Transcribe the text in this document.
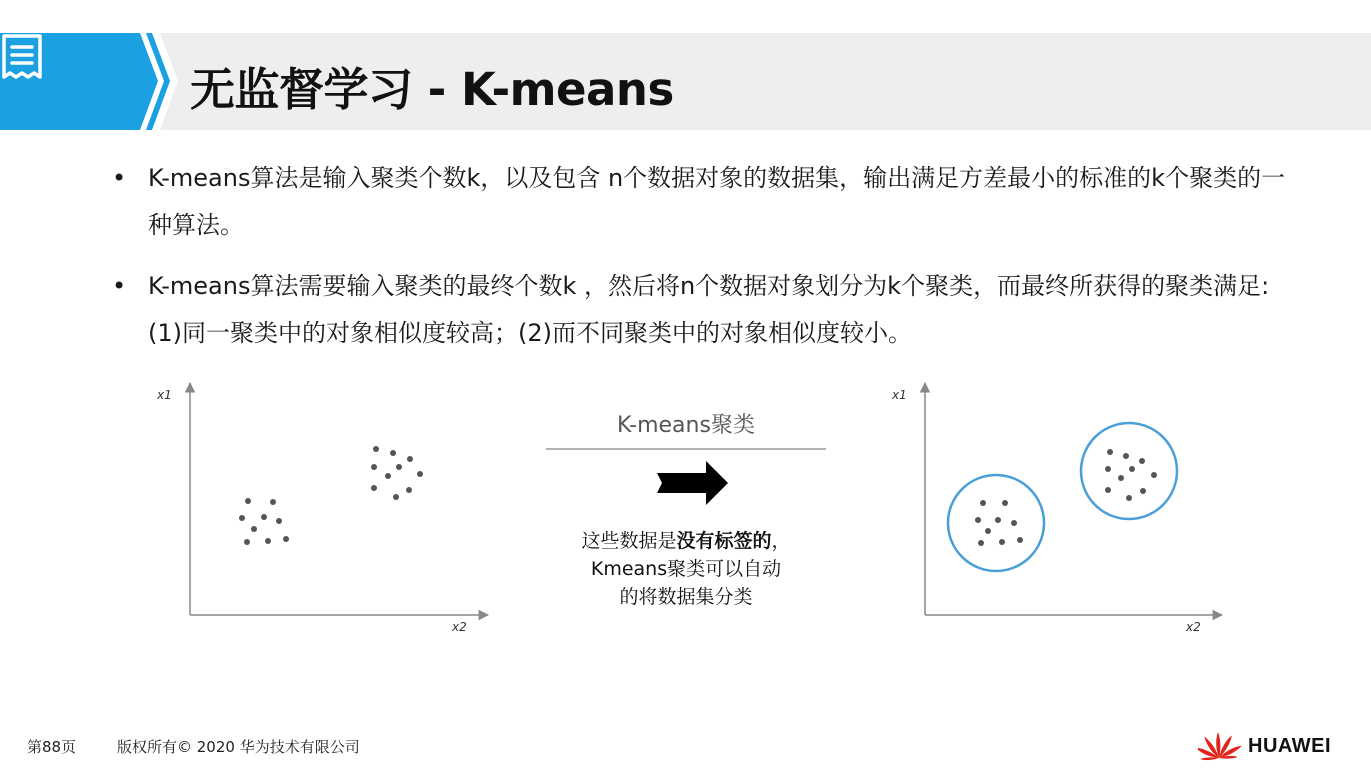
无监督学习 - K-means
• K-means算法是输入聚类个数k，以及包含 n个数据对象的数据集，输出满足方差最小的标准的k个聚类的一种算法。
• K-means算法需要输入聚类的最终个数k ，然后将n个数据对象划分为k个聚类，而最终所获得的聚类满足: (1)同一聚类中的对象相似度较高；(2)而不同聚类中的对象相似度较小。
x1
x2
x1
x2
K-means聚类
这些数据是没有标签的，
Kmeans聚类可以自动
的将数据集分类
第88页	版权所有© 2020 华为技术有限公司	HUAWEI
